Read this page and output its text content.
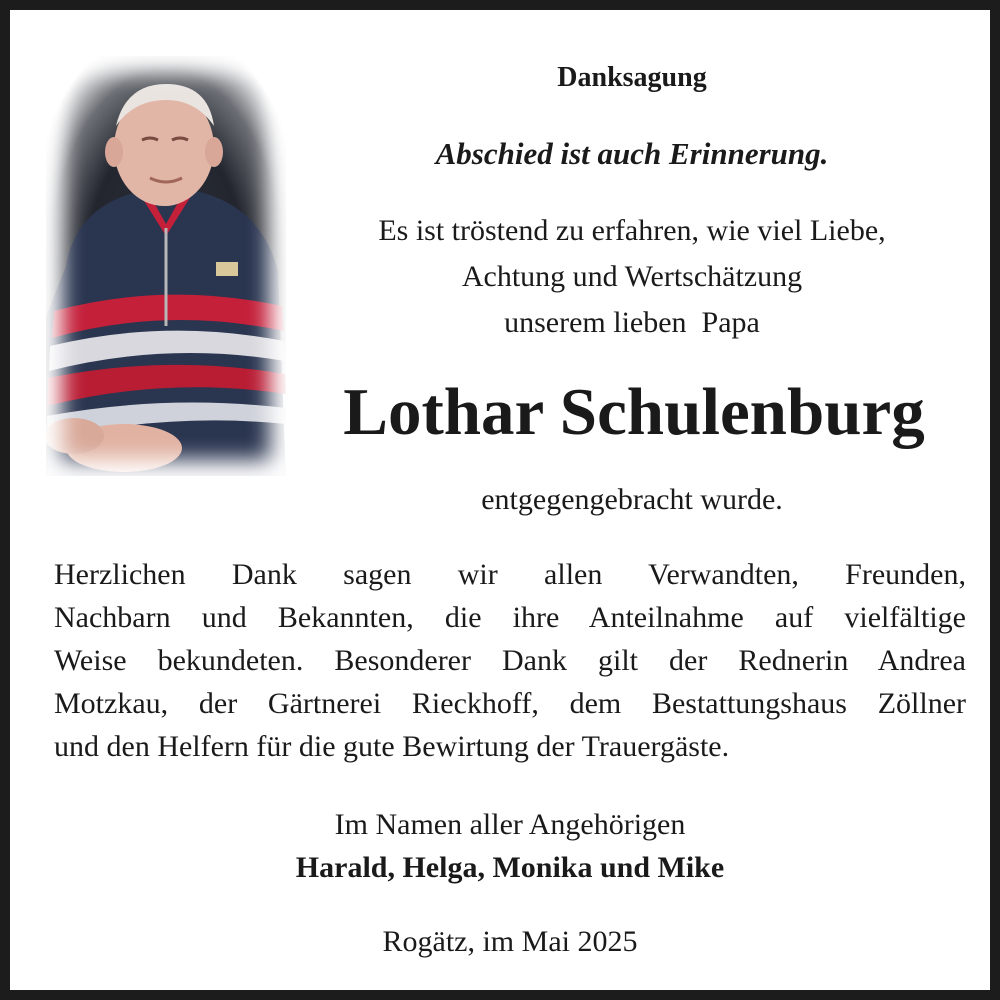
Danksagung
Abschied ist auch Erinnerung.
Es ist tröstend zu erfahren, wie viel Liebe,
Achtung und Wertschätzung
unserem lieben  Papa
Lothar Schulenburg
entgegengebracht wurde.
Herzlichen Dank sagen wir allen Verwandten, Freunden,
Nachbarn und Bekannten, die ihre Anteilnahme auf vielfältige
Weise bekundeten. Besonderer Dank gilt der Rednerin Andrea
Motzkau, der Gärtnerei Rieckhoff, dem Bestattungshaus Zöllner
und den Helfern für die gute Bewirtung der Trauergäste.
Im Namen aller Angehörigen
Harald, Helga, Monika und Mike
Rogätz, im Mai 2025
